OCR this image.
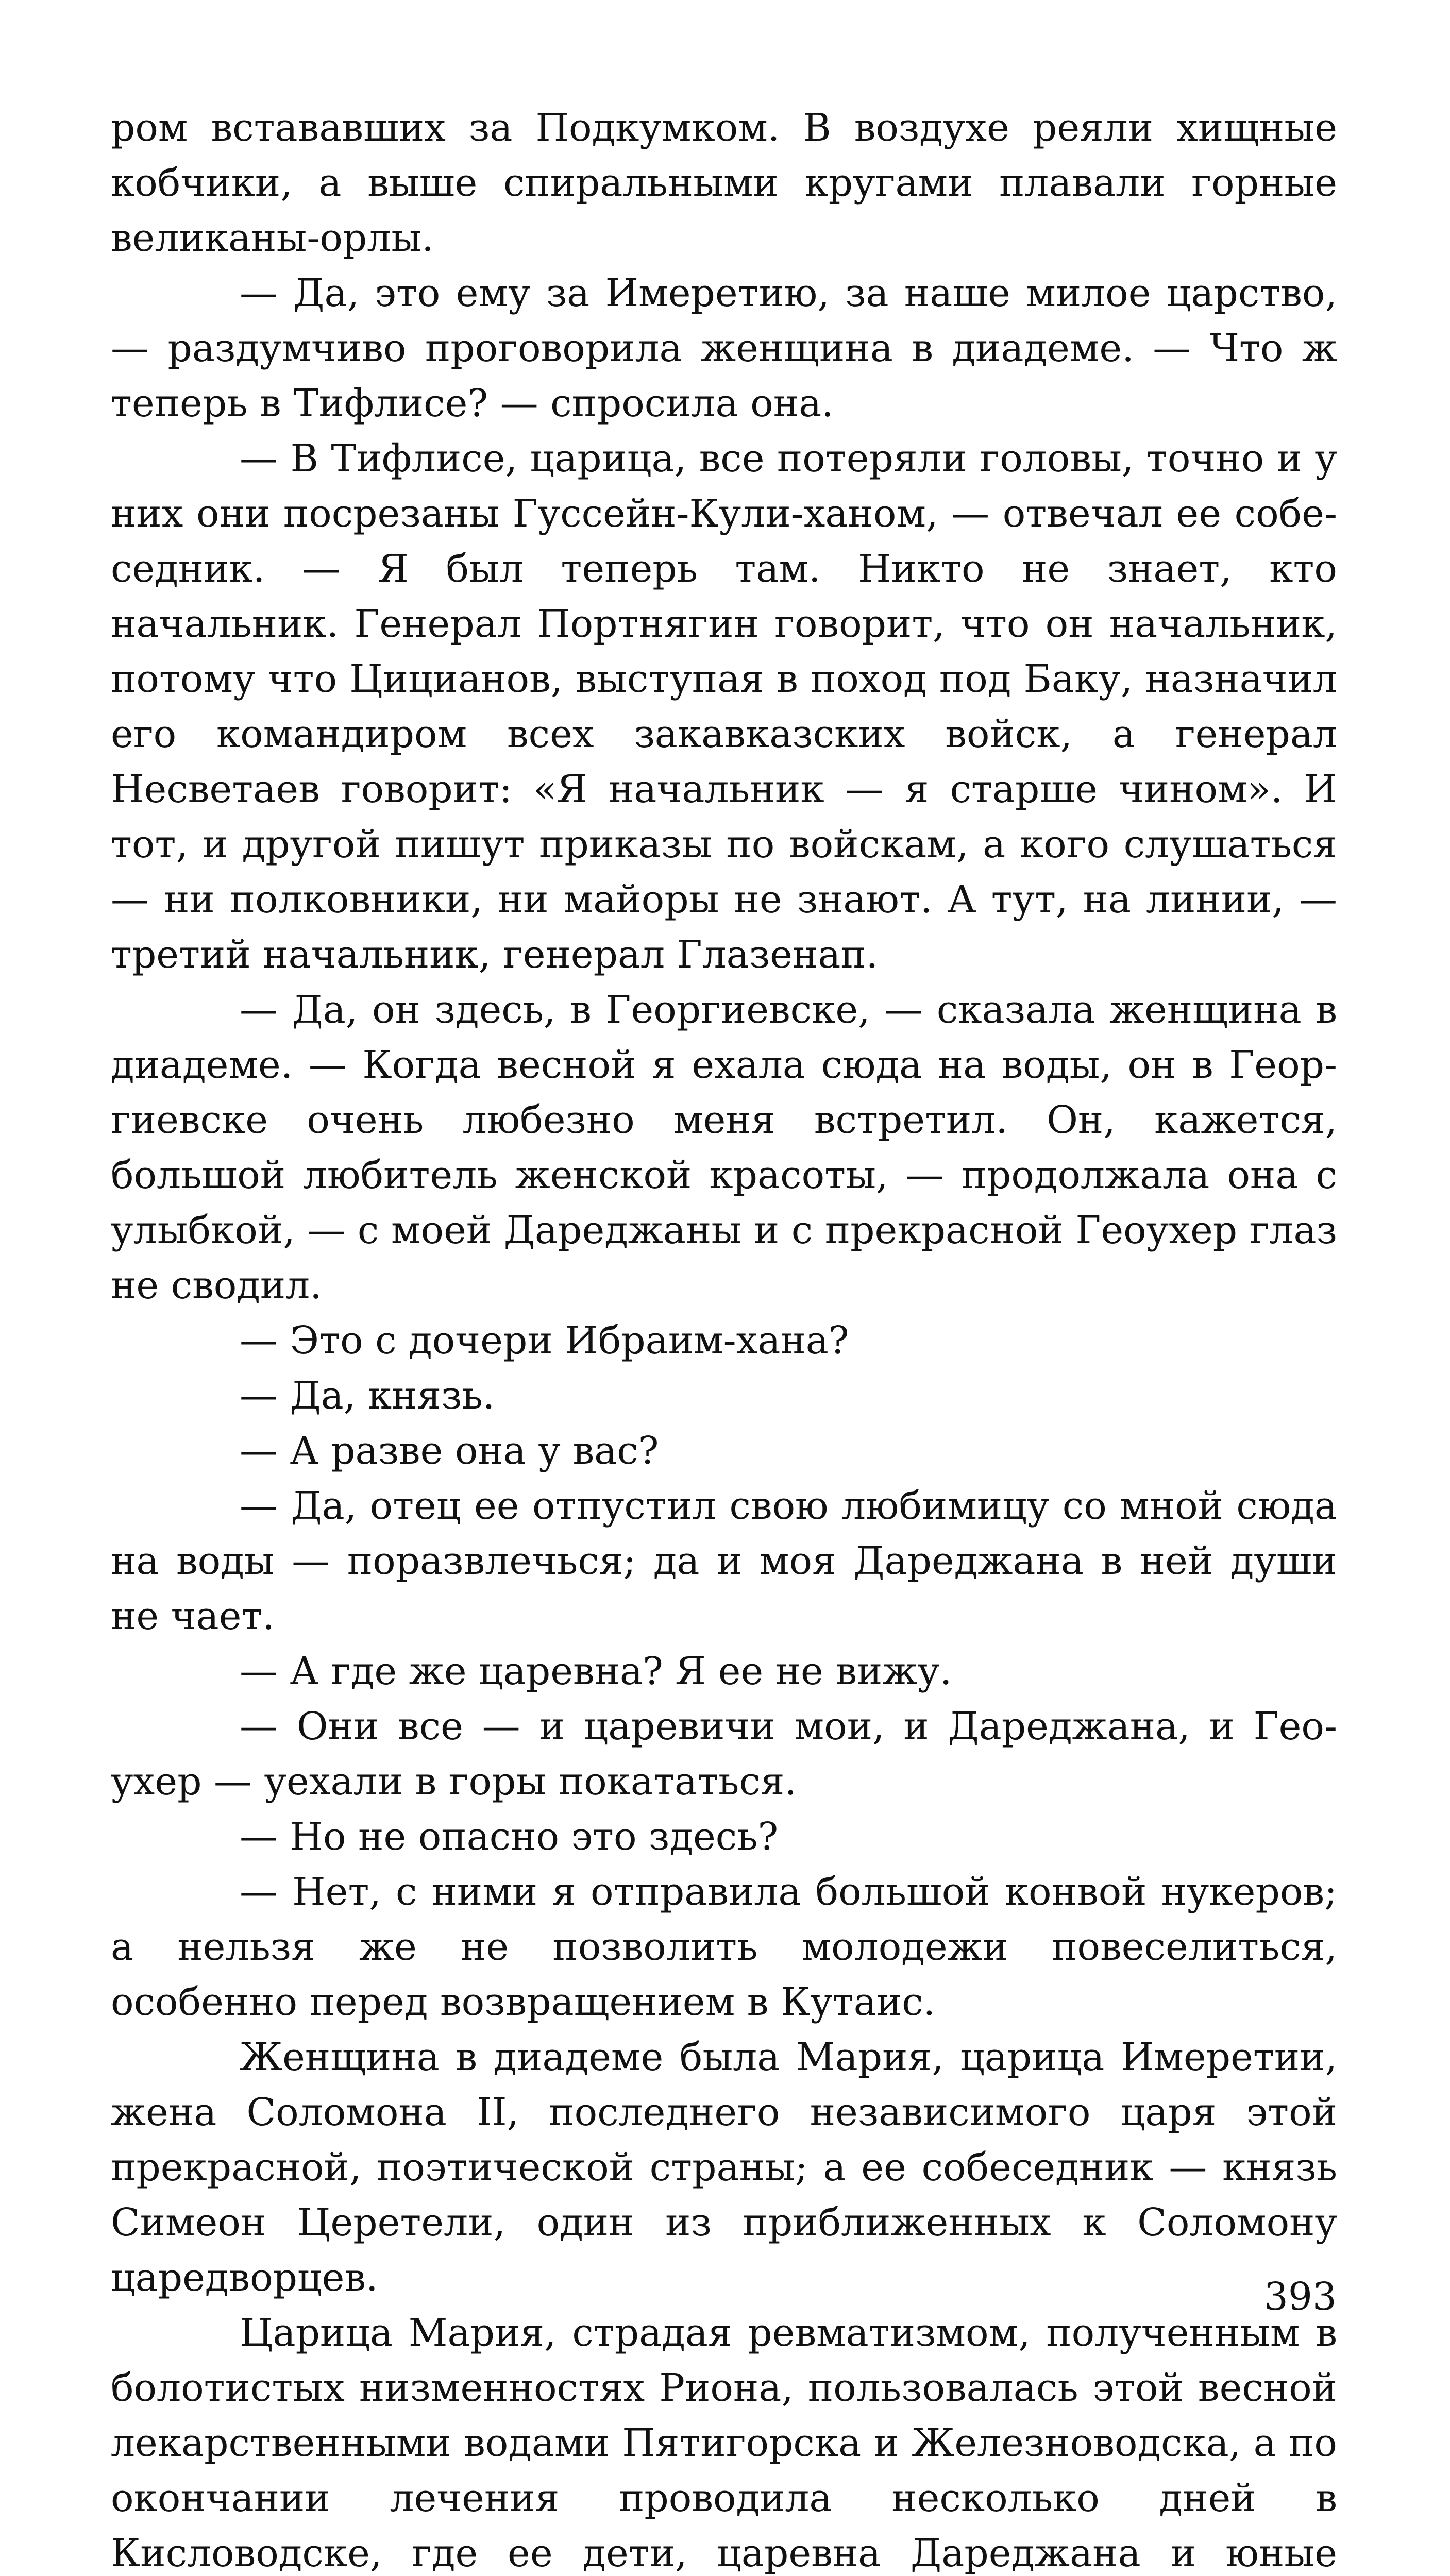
ром вставaвших за Подкумком. В воздухе реяли хищные кобчики, а выше спиральными кругами плавали горные великаны-орлы.

— Да, это ему за Имеретию, за наше милое царство, — раздумчиво проговорила женщина в диадеме. — Что ж теперь в Тифлисе? — спросила она.

— В Тифлисе, царица, все потеряли головы, точно и у них они посрезаны Гуссейн-Кули-ханом, — отвечал ее собеседник. — Я был теперь там. Никто не знает, кто начальник. Генерал Портнягин говорит, что он начальник, потому что Цицианов, выступая в поход под Баку, назначил его командиром всех закавказских войск, а генерал Несветаев говорит: «Я начальник — я старше чином». И тот, и другой пишут приказы по войскам, а кого слушаться — ни полковники, ни майоры не знают. А тут, на линии, — третий начальник, генерал Глазенап.

— Да, он здесь, в Георгиевске, — сказала женщина в диадеме. — Когда весной я ехала сюда на воды, он в Георгиевске очень любезно меня встретил. Он, кажется, большой любитель женской красоты, — продолжала она с улыбкой, — с моей Дареджаны и с прекрасной Геоухер глаз не сводил.

— Это с дочери Ибраим-хана?

— Да, князь.

— А разве она у вас?

— Да, отец ее отпустил свою любимицу со мной сюда на воды — поразвлечься; да и моя Дареджана в ней души не чает.

— А где же царевна? Я ее не вижу.

— Они все — и царевичи мои, и Дареджана, и Геоухер — уехали в горы покататься.

— Но не опасно это здесь?

— Нет, с ними я отправила большой конвой нукеров; а нельзя же не позволить молодежи повеселиться, особенно перед возвращением в Кутаис.

Женщина в диадеме была Мария, царица Имеретии, жена Соломона II, последнего независимого царя этой прекрасной, поэтической страны; а ее собеседник — князь Симеон Церетели, один из приближенных к Соломону царедворцев.

Царица Мария, страдая ревматизмом, полученным в болотистых низменностях Риона, пользовалась этой весной лекарственными водами Пятигорска и Железноводска, а по окончании лечения проводила несколько дней в Кисловодске, где ее дети, царевна Дареджана и юные

393
